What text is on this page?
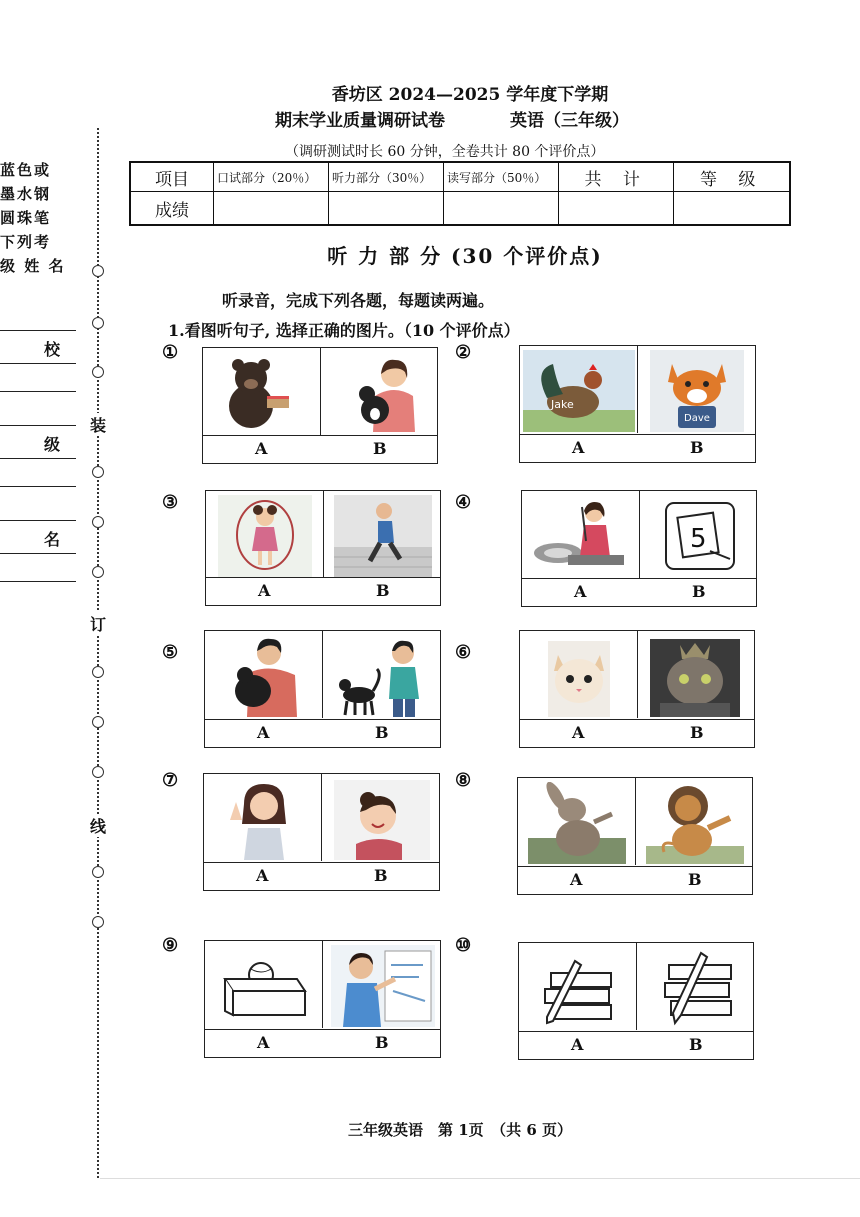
蓝色或
墨水钢
圆珠笔
下列考
级 姓 名
校
级
名
装
订
线
香坊区 2024—2025 学年度下学期
期末学业质量调研试卷	英语（三年级）
（调研测试时长 60 分钟，全卷共计 80 个评价点）
项目	口试部分（20％）	听力部分（30％）	读写部分（50％）	共 计	等 级
成绩					
听 力 部 分 (30 个评价点)
听录音，完成下列各题，每题读两遍。
1.看图听句子, 选择正确的图片。（10 个评价点）
①
A	B
②
Jake
Dave
A	B
③
A	B
④
5
A	B
⑤
A	B
⑥
A	B
⑦
A	B
⑧
A	B
⑨
A	B
⑩
A	B
三年级英语　第 1页　（共 6 页）
